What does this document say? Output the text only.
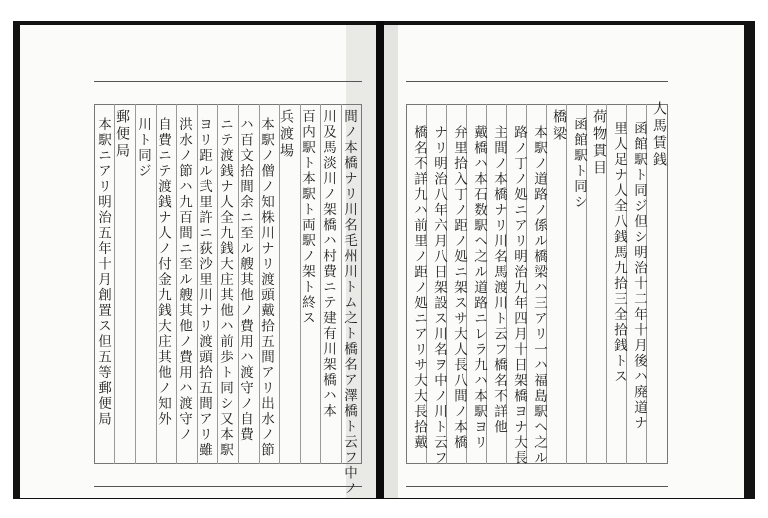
間ノ本橋ナリ川名毛州川トム之ト橋名ア澤橋ト云フ中ノ
川及馬淡川ノ架橋ハ村費ニテ建有川架橋ハ本
百内駅ト本駅ト両駅ノ架ト終ス
兵渡場
本駅ノ僧ノ知株川ナリ渡頭戴拾五間アリ出水ノ節
ハ百文拾間余ニ至ル艘其他ノ費用ハ渡守ノ自費
ニテ渡銭ナ人全九銭大庄其他ハ前歩ト同シ又本駅
ヨリ距ル弐里許ニ荻沙里川ナリ渡頭拾五間アリ雖
洪水ノ節ハ九百間ニ至ル艘其他ノ費用ハ渡守ノ
自費ニテ渡銭ナ人ノ付金九銭大庄其他ノ知外
川ト同ジ
郵便局
本駅ニアリ明治五年十月創置ス但五等郵便局	人馬賃銭
函館駅ト同ジ但シ明治十二年十月後ハ廃道ナ
里人足ナ人全八銭馬九拾三全拾銭トス
荷物貫目
函館駅ト同シ
橋梁
本駅ノ道路ノ係ル橋梁ハ三アリ一ハ福島駅ヘ之ル
路ノ丁ノ処ニアリ明治九年四月十日架橋ヨナ大長
主間ノ本橋ナリ川名馬渡川ト云フ橋名不詳他
戴橋ハ本石数駅ヘ之ル道路ニレラ九ハ本駅ヨリ
弁里拾入丁ノ距ノ処ニ架スサ大人長八間ノ本橋
ナリ明治八年六月八日架設ス川名ヲ中ノ川ト云フ
橋名不詳九ハ前里ノ距ノ処ニアリサ大大長拾戴
